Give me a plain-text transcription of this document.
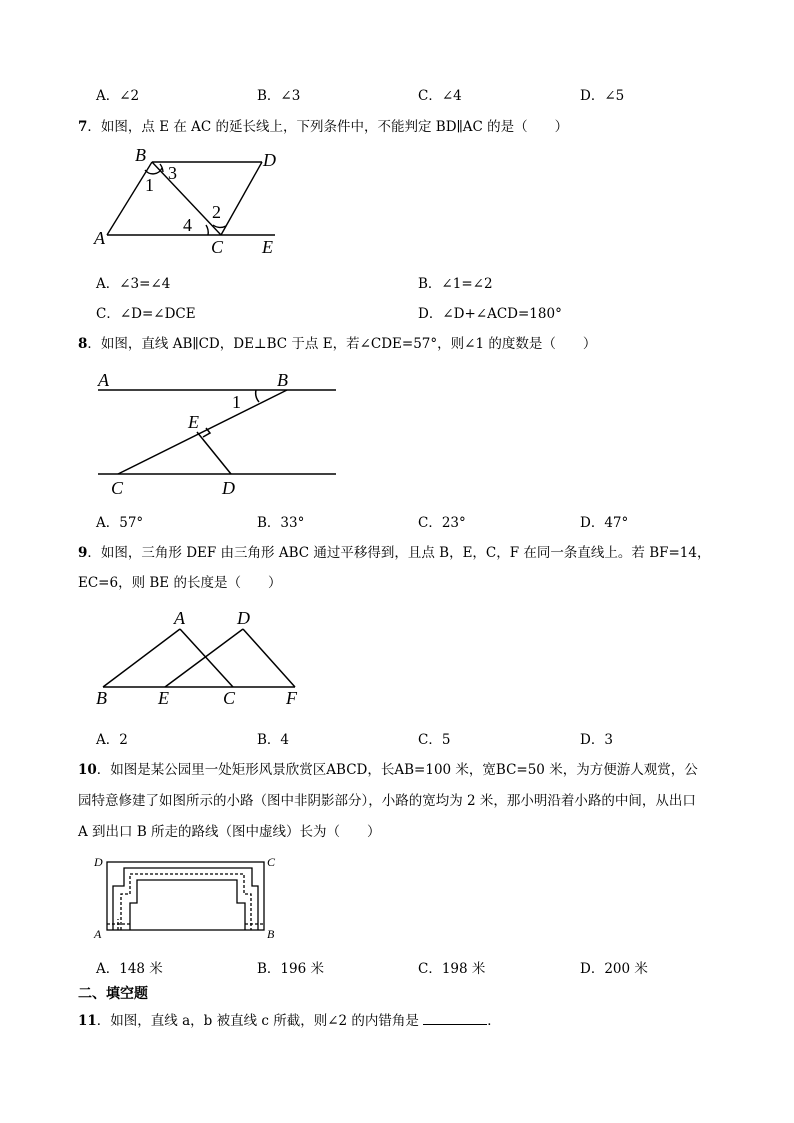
A．∠2	B．∠3	C．∠4	D．∠5
7．如图，点 E 在 AC 的延长线上，下列条件中，不能判定 BD∥AC 的是（　　）
B	D
A	C E
1
3
2
4
A．∠3=∠4	B．∠1=∠2
C．∠D=∠DCE	D．∠D+∠ACD=180°
8．如图，直线 AB∥CD，DE⊥BC 于点 E，若∠CDE=57°，则∠1 的度数是（　　）
A	B
E
C	D
1
A．57°	B．33°	C．23°	D．47°
9．如图，三角形 DEF 由三角形 ABC 通过平移得到，且点 B，E，C，F 在同一条直线上。若 BF=14，
EC=6，则 BE 的长度是（　　）
A	D
B	E	C	F
A．2	B．4	C．5	D．3
10．如图是某公园里一处矩形风景欣赏区ABCD，长AB=100 米，宽BC=50 米，为方便游人观赏，公
园特意修建了如图所示的小路（图中非阴影部分），小路的宽均为 2 米，那小明沿着小路的中间，从出口
A 到出口 B 所走的路线（图中虚线）长为（　　）
D	C
A	B
A．148 米	B．196 米	C．198 米	D．200 米
二、填空题
11．如图，直线 a，b 被直线 c 所截，则∠2 的内错角是	．
